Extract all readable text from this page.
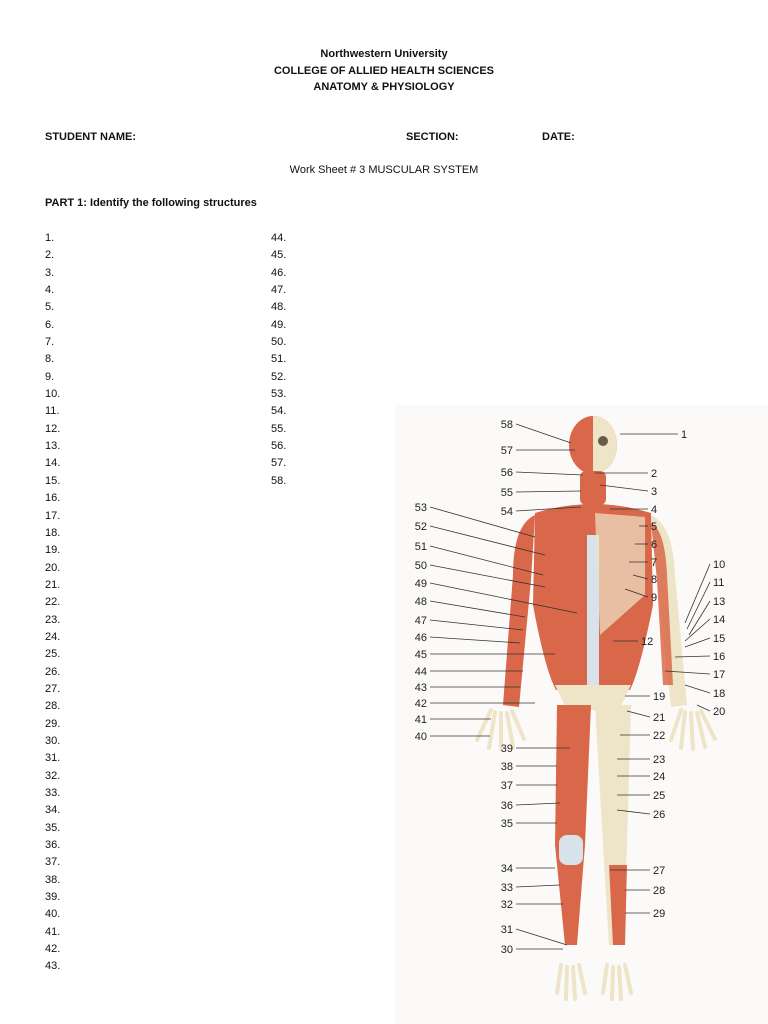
Northwestern University
COLLEGE OF ALLIED HEALTH SCIENCES
ANATOMY & PHYSIOLOGY
STUDENT NAME:	SECTION:	DATE:
Work Sheet # 3 MUSCULAR SYSTEM
PART 1: Identify the following structures
1.
2.
3.
4.
5.
6.
7.
8.
9.
10.
11.
12.
13.
14.
15.
16.
17.
18.
19.
20.
21.
22.
23.
24.
25.
26.
27.
28.
29.
30.
31.
32.
33.
34.
35.
36.
37.
38.
39.
40.
41.
42.
43.
44.
45.
46.
47.
48.
49.
50.
51.
52.
53.
54.
55.
56.
57.
58.
1
2
3
4
5
6
7
8
9
10
11
12
13
14
15
16
17
18
19
20
21
22
23
24
25
26
27
28
29
30
31
32
33
34
35
36
37
38
39
40
41
42
43
44
45
46
47
48
49
50
51
52
53	54
55
56
57
58
